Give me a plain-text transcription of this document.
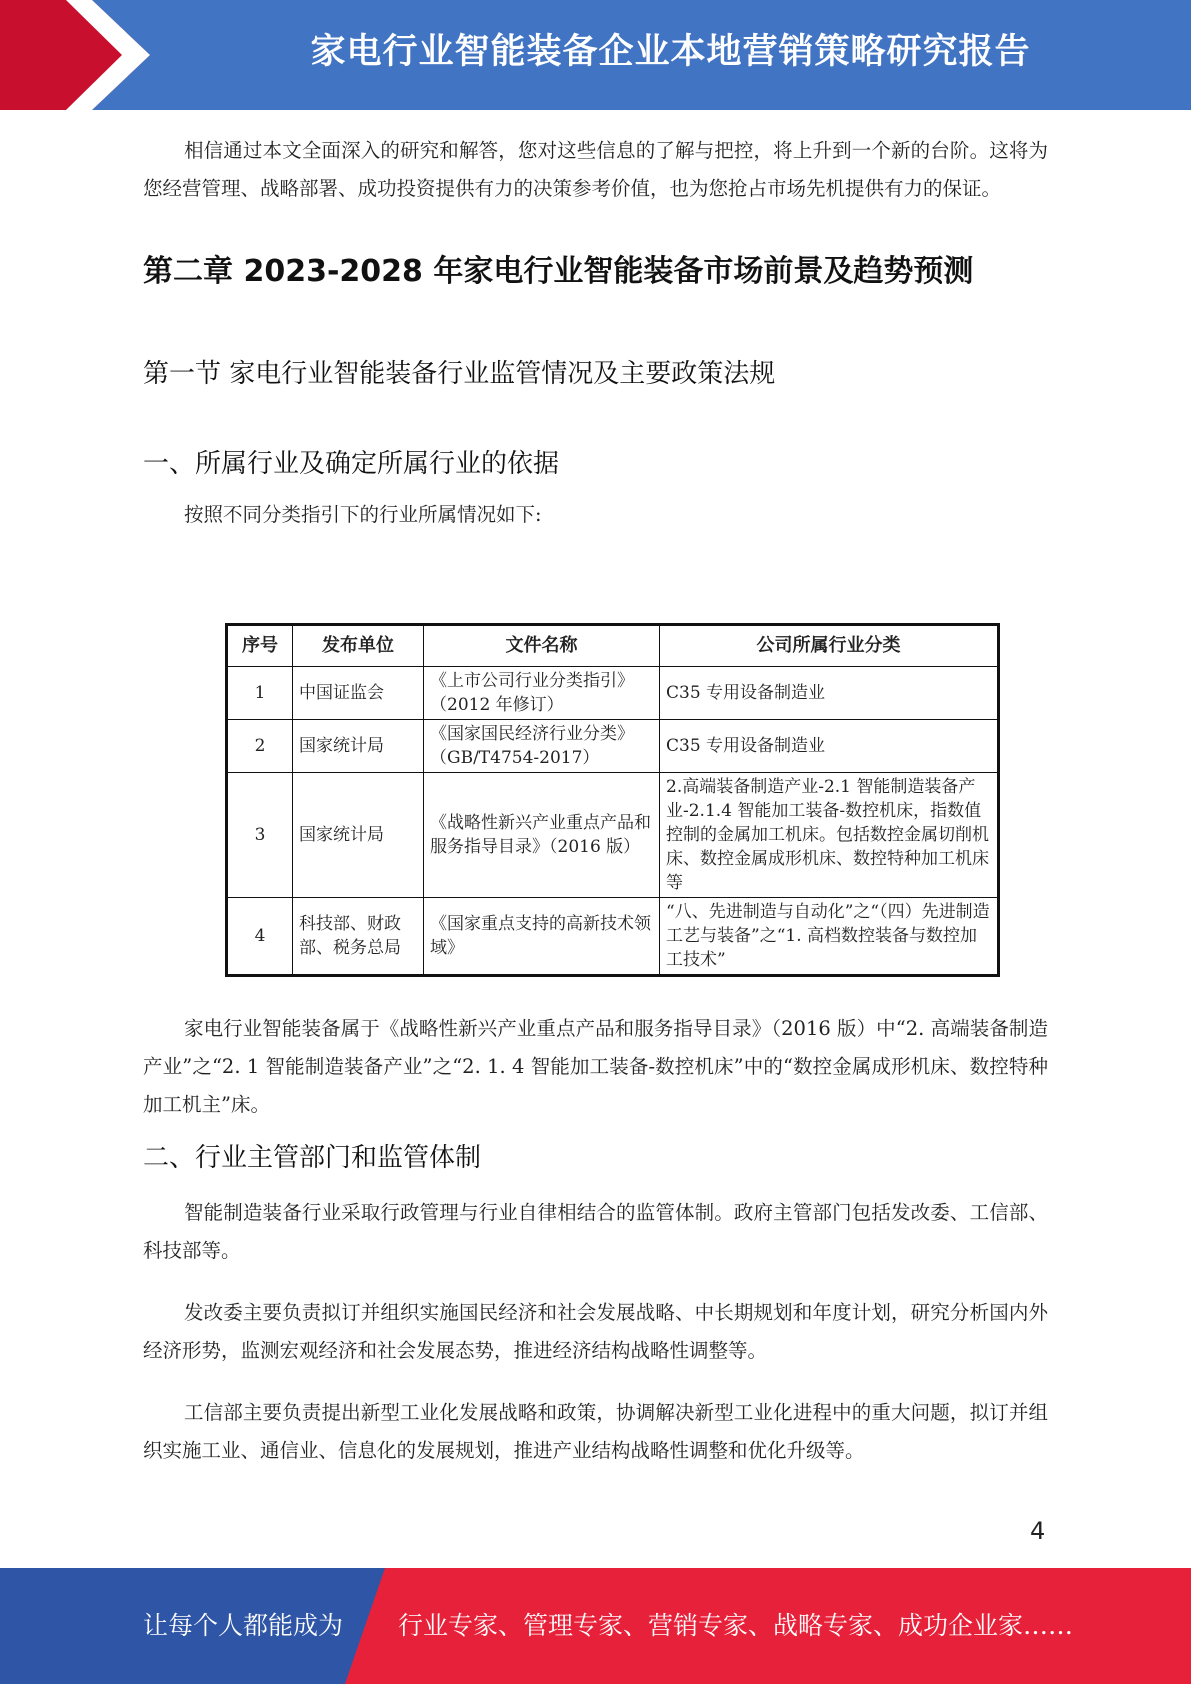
家电行业智能装备企业本地营销策略研究报告

相信通过本文全面深入的研究和解答，您对这些信息的了解与把控，将上升到一个新的台阶。这将为您经营管理、战略部署、成功投资提供有力的决策参考价值，也为您抢占市场先机提供有力的保证。

第二章 2023-2028 年家电行业智能装备市场前景及趋势预测
第一节 家电行业智能装备行业监管情况及主要政策法规
一、所属行业及确定所属行业的依据

按照不同分类指引下的行业所属情况如下:

序号	发布单位	文件名称	公司所属行业分类
1	中国证监会	《上市公司行业分类指引》（2012 年修订）	C35 专用设备制造业
2	国家统计局	《国家国民经济行业分类》（GB/T4754-2017）	C35 专用设备制造业
3	国家统计局	《战略性新兴产业重点产品和服务指导目录》（2016 版）	2.高端装备制造产业-2.1 智能制造装备产业-2.1.4 智能加工装备-数控机床，指数值控制的金属加工机床。包括数控金属切削机床、数控金属成形机床、数控特种加工机床等
4	科技部、财政部、税务总局	《国家重点支持的高新技术领域》	“八、先进制造与自动化”之“（四）先进制造工艺与装备”之“1. 高档数控装备与数控加工技术”

家电行业智能装备属于《战略性新兴产业重点产品和服务指导目录》（2016 版）中“2. 高端装备制造产业”之“2. 1 智能制造装备产业”之“2. 1. 4 智能加工装备-数控机床”中的“数控金属成形机床、数控特种加工机主”床。

二、行业主管部门和监管体制

智能制造装备行业采取行政管理与行业自律相结合的监管体制。政府主管部门包括发改委、工信部、科技部等。

发改委主要负责拟订并组织实施国民经济和社会发展战略、中长期规划和年度计划，研究分析国内外经济形势，监测宏观经济和社会发展态势，推进经济结构战略性调整等。

工信部主要负责提出新型工业化发展战略和政策，协调解决新型工业化进程中的重大问题，拟订并组织实施工业、通信业、信息化的发展规划，推进产业结构战略性调整和优化升级等。

4
让每个人都能成为 行业专家、管理专家、营销专家、战略专家、成功企业家……
